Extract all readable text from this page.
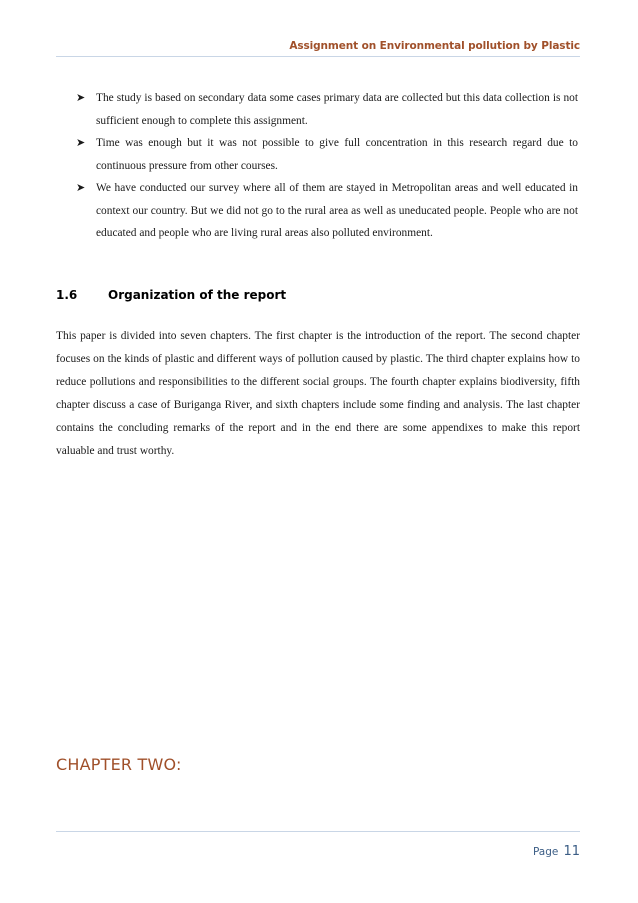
Assignment on Environmental pollution by Plastic
➤ The study is based on secondary data some cases primary data are collected but this data collection is not sufficient enough to complete this assignment.
➤ Time was enough but it was not possible to give full concentration in this research regard due to continuous pressure from other courses.
➤ We have conducted our survey where all of them are stayed in Metropolitan areas and well educated in context our country. But we did not go to the rural area as well as uneducated people. People who are not educated and people who are living rural areas also polluted environment.
1.6	Organization of the report

This paper is divided into seven chapters. The first chapter is the introduction of the report. The second chapter focuses on the kinds of plastic and different ways of pollution caused by plastic. The third chapter explains how to reduce pollutions and responsibilities to the different social groups. The fourth chapter explains biodiversity, fifth chapter discuss a case of Buriganga River, and sixth chapters include some finding and analysis. The last chapter contains the concluding remarks of the report and in the end there are some appendixes to make this report valuable and trust worthy.

CHAPTER TWO:
Page 11
